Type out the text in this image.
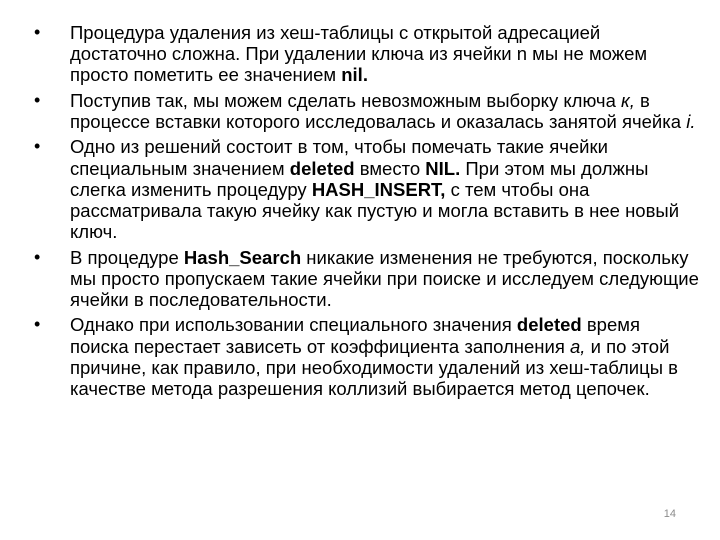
•	Процедура удаления из хеш-таблицы с открытой адресацией достаточно сложна. При удалении ключа из ячейки n мы не можем просто пометить ее значением nil.
•	Поступив так, мы можем сделать невозможным выборку ключа к, в процессе вставки которого исследовалась и оказалась занятой ячейка i.
•	Одно из решений состоит в том, чтобы помечать такие ячейки специальным значением deleted вместо NIL. При этом мы должны слегка изменить процедуру HASH_INSERT, с тем чтобы она рассматривала такую ячейку как пустую и могла вставить в нее новый ключ.
•	В процедуре Hash_Search никакие изменения не требуются, поскольку мы просто пропускаем такие ячейки при поиске и исследуем следующие ячейки в последовательности.
•	Однако при использовании специального значения deleted время поиска перестает зависеть от коэффициента заполнения a, и по этой причине, как правило, при необходимости удалений из хеш-таблицы в качестве метода разрешения коллизий выбирается метод цепочек.
14
